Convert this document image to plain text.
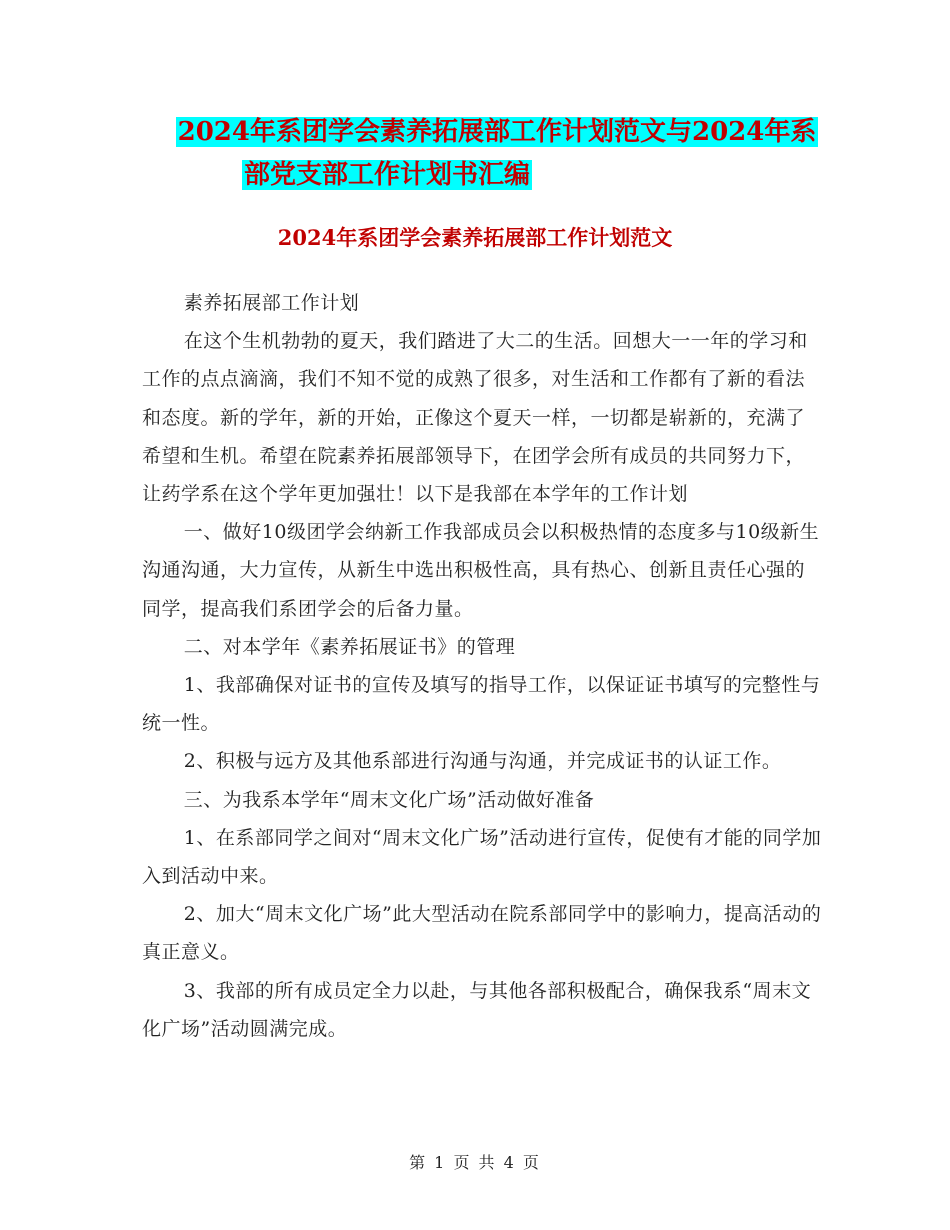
2024年系团学会素养拓展部工作计划范文与2024年系
部党支部工作计划书汇编
2024年系团学会素养拓展部工作计划范文

素养拓展部工作计划

在这个生机勃勃的夏天，我们踏进了大二的生活。回想大一一年的学习和工作的点点滴滴，我们不知不觉的成熟了很多，对生活和工作都有了新的看法和态度。新的学年，新的开始，正像这个夏天一样，一切都是崭新的，充满了希望和生机。希望在院素养拓展部领导下，在团学会所有成员的共同努力下，让药学系在这个学年更加强壮！以下是我部在本学年的工作计划

一、做好10级团学会纳新工作我部成员会以积极热情的态度多与10级新生沟通沟通，大力宣传，从新生中选出积极性高，具有热心、创新且责任心强的同学，提高我们系团学会的后备力量。

二、对本学年《素养拓展证书》的管理

1、我部确保对证书的宣传及填写的指导工作，以保证证书填写的完整性与统一性。

2、积极与远方及其他系部进行沟通与沟通，并完成证书的认证工作。

三、为我系本学年“周末文化广场”活动做好准备

1、在系部同学之间对“周末文化广场”活动进行宣传，促使有才能的同学加入到活动中来。

2、加大“周末文化广场”此大型活动在院系部同学中的影响力，提高活动的真正意义。

3、我部的所有成员定全力以赴，与其他各部积极配合，确保我系“周末文化广场”活动圆满完成。

第 1 页 共 4 页
